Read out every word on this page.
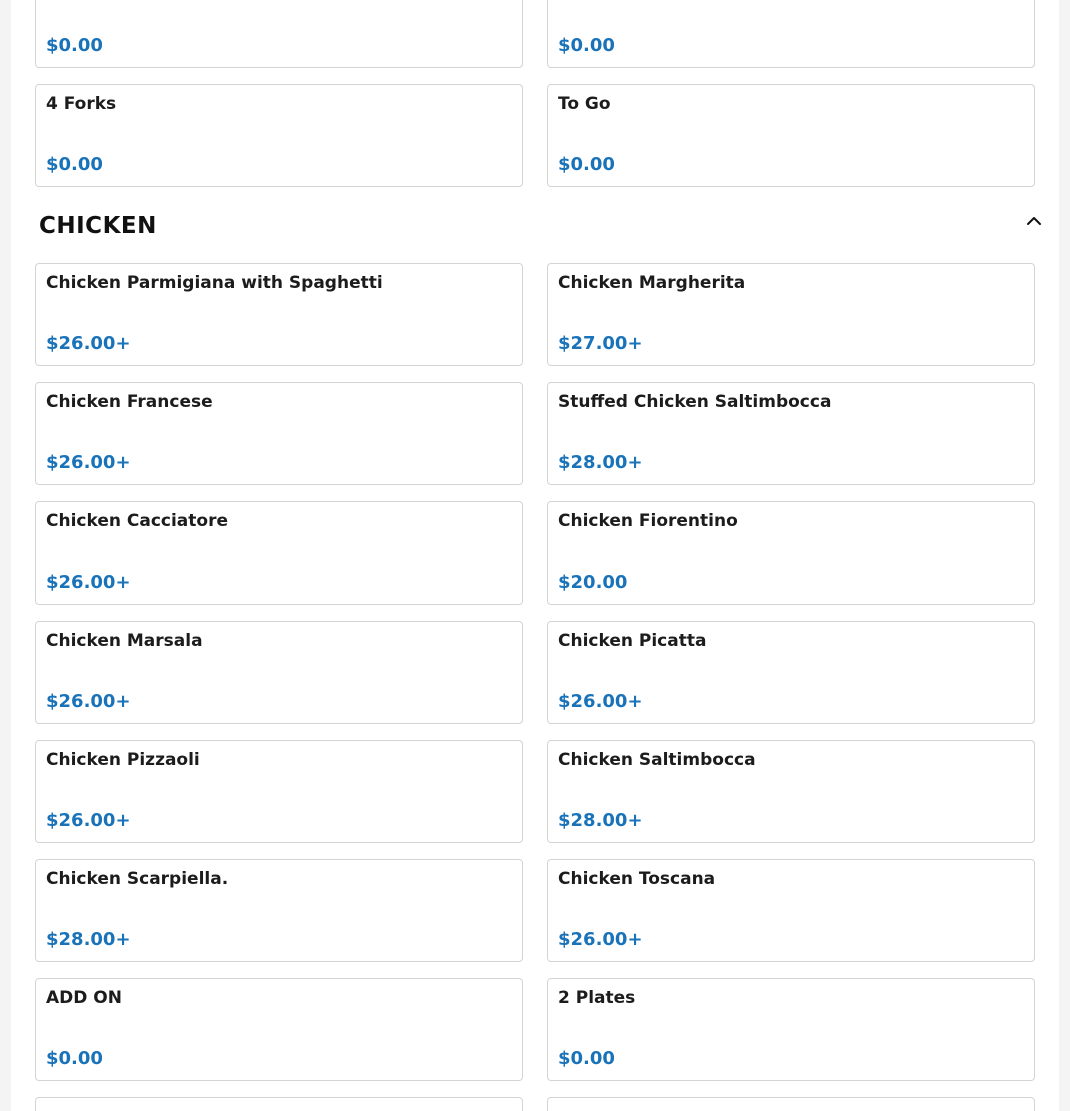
$0.00	$0.00
4 Forks
$0.00
To Go
$0.00
CHICKEN
Chicken Parmigiana with Spaghetti
$26.00+
Chicken Margherita
$27.00+
Chicken Francese
$26.00+
Stuffed Chicken Saltimbocca
$28.00+
Chicken Cacciatore
$26.00+
Chicken Fiorentino
$20.00
Chicken Marsala
$26.00+
Chicken Picatta
$26.00+
Chicken Pizzaoli
$26.00+
Chicken Saltimbocca
$28.00+
Chicken Scarpiella.
$28.00+
Chicken Toscana
$26.00+
ADD ON
$0.00
2 Plates
$0.00
